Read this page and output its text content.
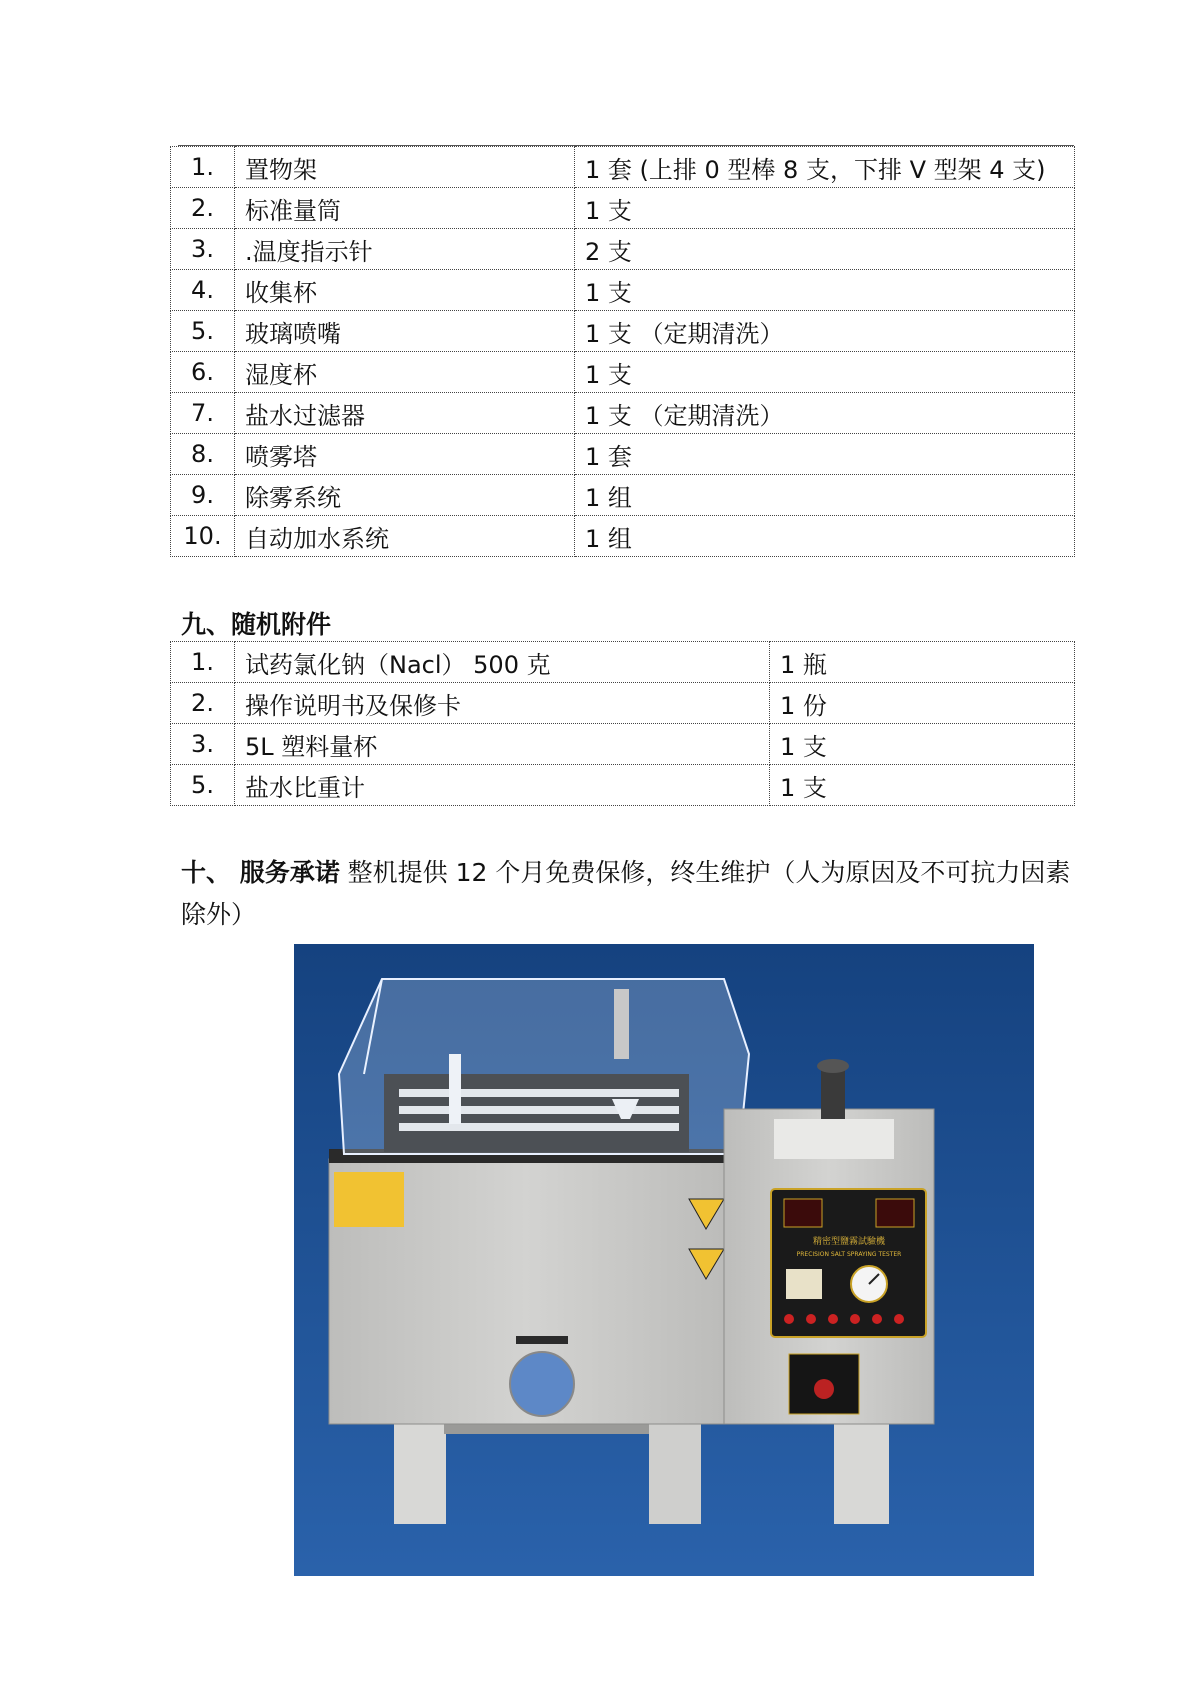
1.	置物架	1 套 (上排 0 型棒 8 支，下排 V 型架 4 支)
2.	标准量筒	1 支
3.	.温度指示针	2 支
4.	收集杯	1 支
5.	玻璃喷嘴	1 支 （定期清洗）
6.	湿度杯	1 支
7.	盐水过滤器	1 支 （定期清洗）
8.	喷雾塔	1 套
9.	除雾系统	1 组
10.	自动加水系统	1 组
九、随机附件
1.	试药氯化钠（Nacl） 500 克	1 瓶
2.	操作说明书及保修卡	1 份
3.	5L 塑料量杯	1 支
5.	盐水比重计	1 支
十、 服务承诺 整机提供 12 个月免费保修，终生维护（人为原因及不可抗力因素除外）
精密型鹽霧試驗機
PRECISION SALT SPRAYING TESTER
